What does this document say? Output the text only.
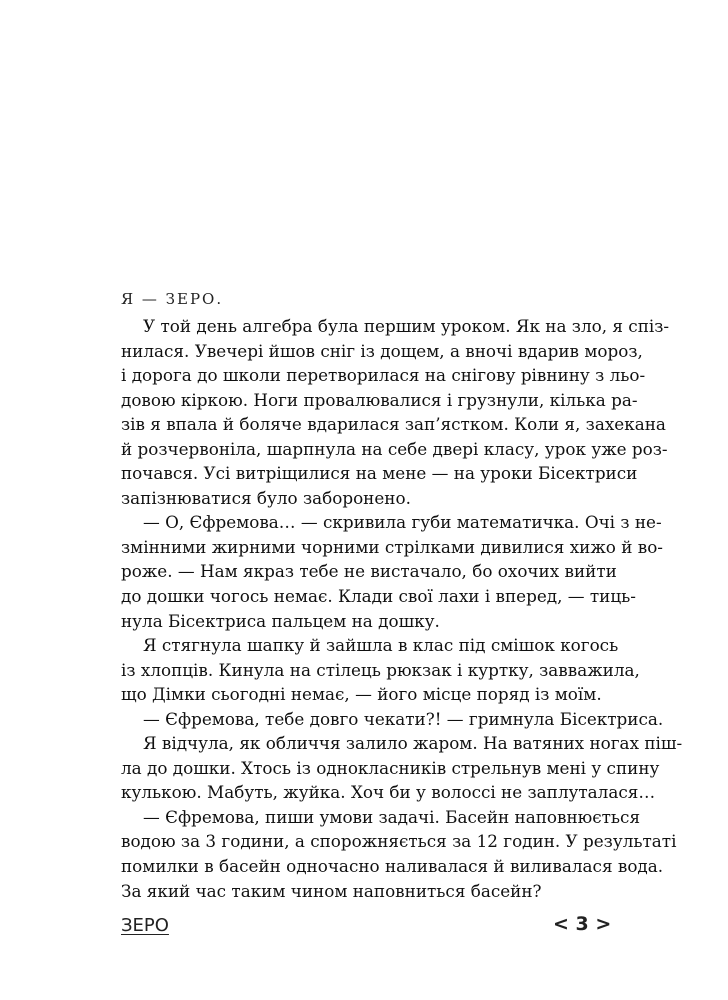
Я — ЗЕРО.

У той день алгебра була першим уроком. Як на зло, я спіз-
нилася. Увечері йшов сніг із дощем, а вночі вдарив мороз,
і дорога до школи перетворилася на снігову рівнину з льо-
довою кіркою. Ноги провалювалися і грузнули, кілька ра-
зів я впала й боляче вдарилася зап’ястком. Коли я, захекана
й розчервоніла, шарпнула на себе двері класу, урок уже роз-
почався. Усі витріщилися на мене — на уроки Бісектриси
запізнюватися було заборонено.
— О, Єфремова… — скривила губи математичка. Очі з не-
змінними жирними чорними стрілками дивилися хижо й во-
роже. — Нам якраз тебе не вистачало, бо охочих вийти
до дошки чогось немає. Клади свої лахи і вперед, — тиць-
нула Бісектриса пальцем на дошку.
Я стягнула шапку й зайшла в клас під смішок когось
із хлопців. Кинула на стілець рюкзак і куртку, завважила,
що Дімки сьогодні немає, — його місце поряд із моїм.
— Єфремова, тебе довго чекати?! — гримнула Бісектриса.
Я відчула, як обличчя залило жаром. На ватяних ногах піш-
ла до дошки. Хтось із однокласників стрельнув мені у спину
кулькою. Мабуть, жуйка. Хоч би у волоссі не заплуталася…
— Єфремова, пиши умови задачі. Басейн наповнюється
водою за 3 години, а спорожняється за 12 годин. У результаті
помилки в басейн одночасно наливалася й виливалася вода.
За який час таким чином наповниться басейн?
ЗЕРО	< 3 >
